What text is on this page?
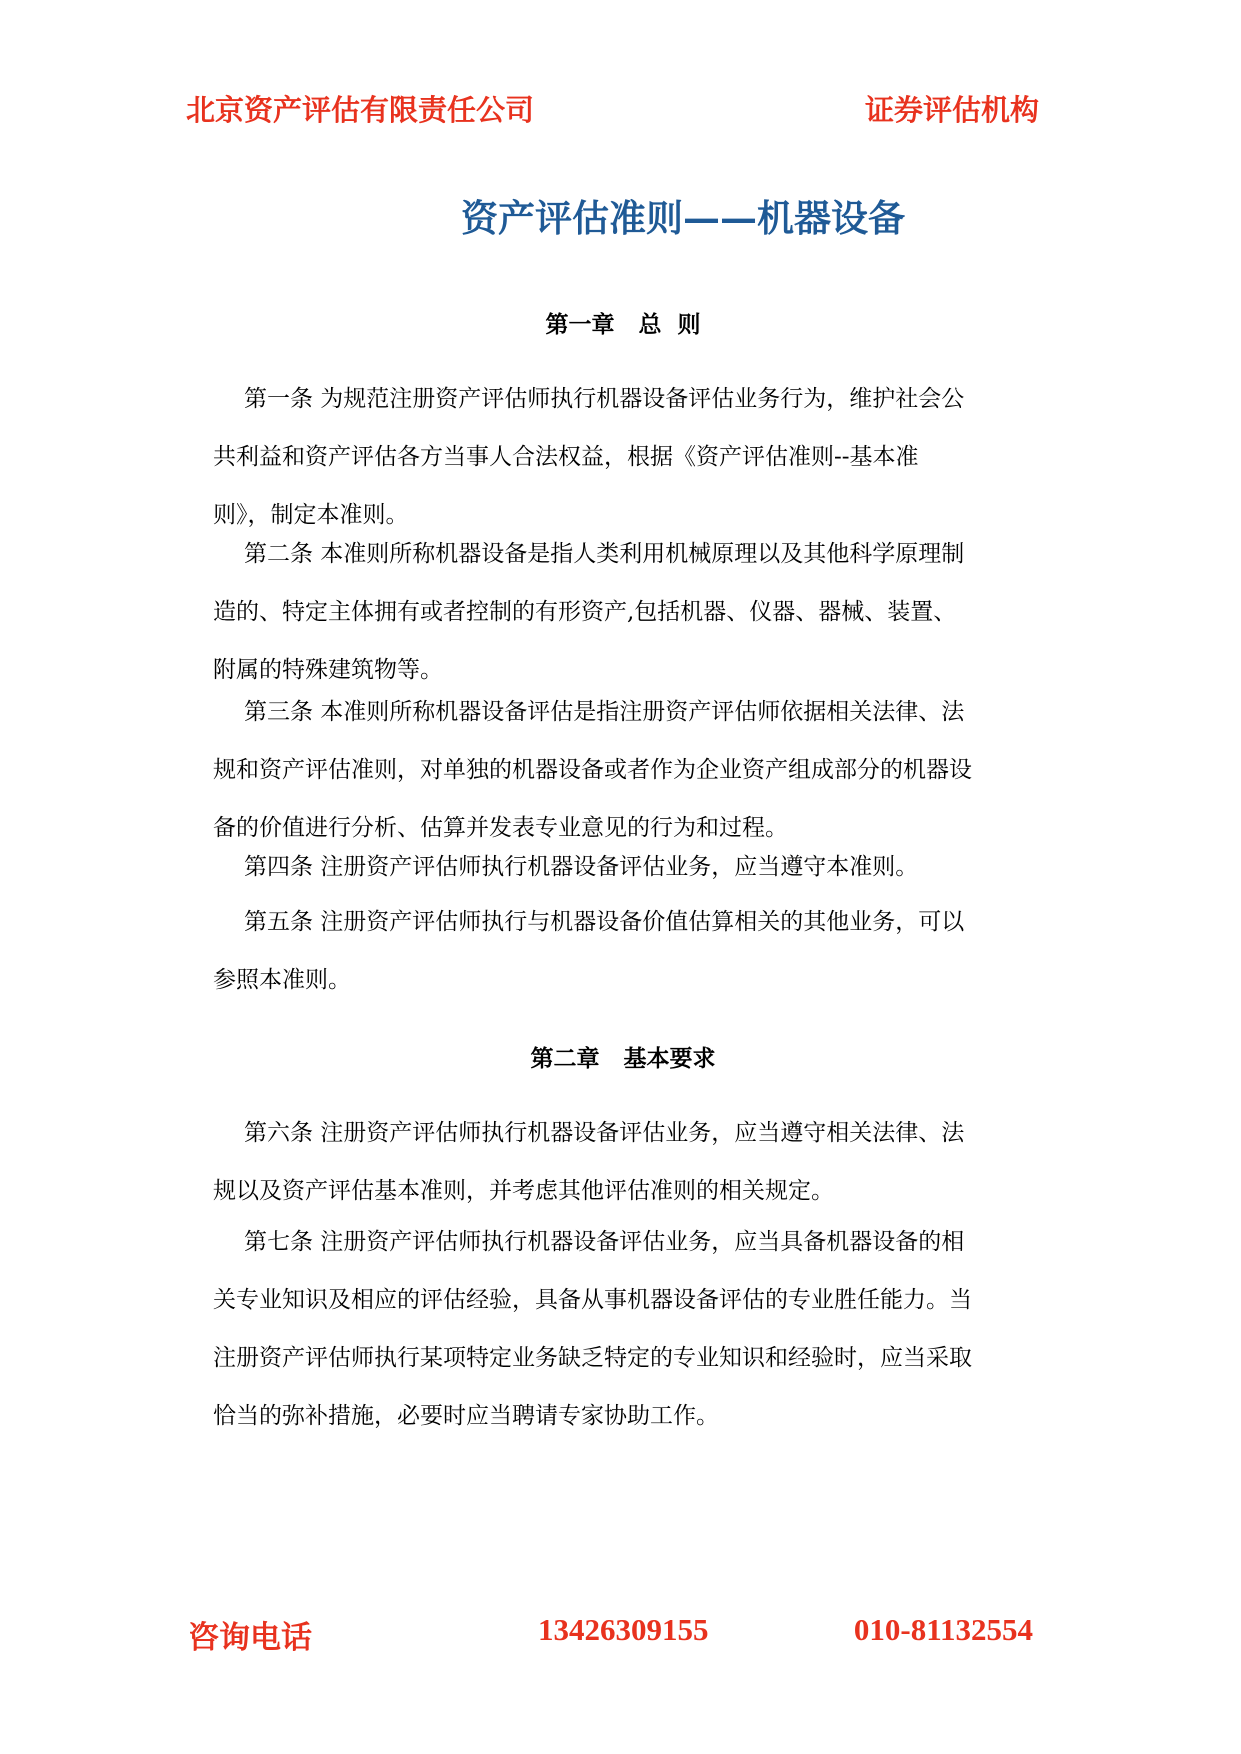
北京资产评估有限责任公司	证券评估机构
资产评估准则——机器设备
第一章   总  则
第一条 为规范注册资产评估师执行机器设备评估业务行为，维护社会公
共利益和资产评估各方当事人合法权益，根据《资产评估准则--基本准
则》，制定本准则。
第二条 本准则所称机器设备是指人类利用机械原理以及其他科学原理制
造的、特定主体拥有或者控制的有形资产,包括机器、仪器、器械、装置、
附属的特殊建筑物等。
第三条 本准则所称机器设备评估是指注册资产评估师依据相关法律、法
规和资产评估准则，对单独的机器设备或者作为企业资产组成部分的机器设
备的价值进行分析、估算并发表专业意见的行为和过程。
第四条 注册资产评估师执行机器设备评估业务，应当遵守本准则。
第五条 注册资产评估师执行与机器设备价值估算相关的其他业务，可以
参照本准则。
第二章   基本要求
第六条 注册资产评估师执行机器设备评估业务，应当遵守相关法律、法
规以及资产评估基本准则，并考虑其他评估准则的相关规定。
第七条 注册资产评估师执行机器设备评估业务，应当具备机器设备的相
关专业知识及相应的评估经验，具备从事机器设备评估的专业胜任能力。当
注册资产评估师执行某项特定业务缺乏特定的专业知识和经验时，应当采取
恰当的弥补措施，必要时应当聘请专家协助工作。
咨询电话	13426309155	010-81132554
